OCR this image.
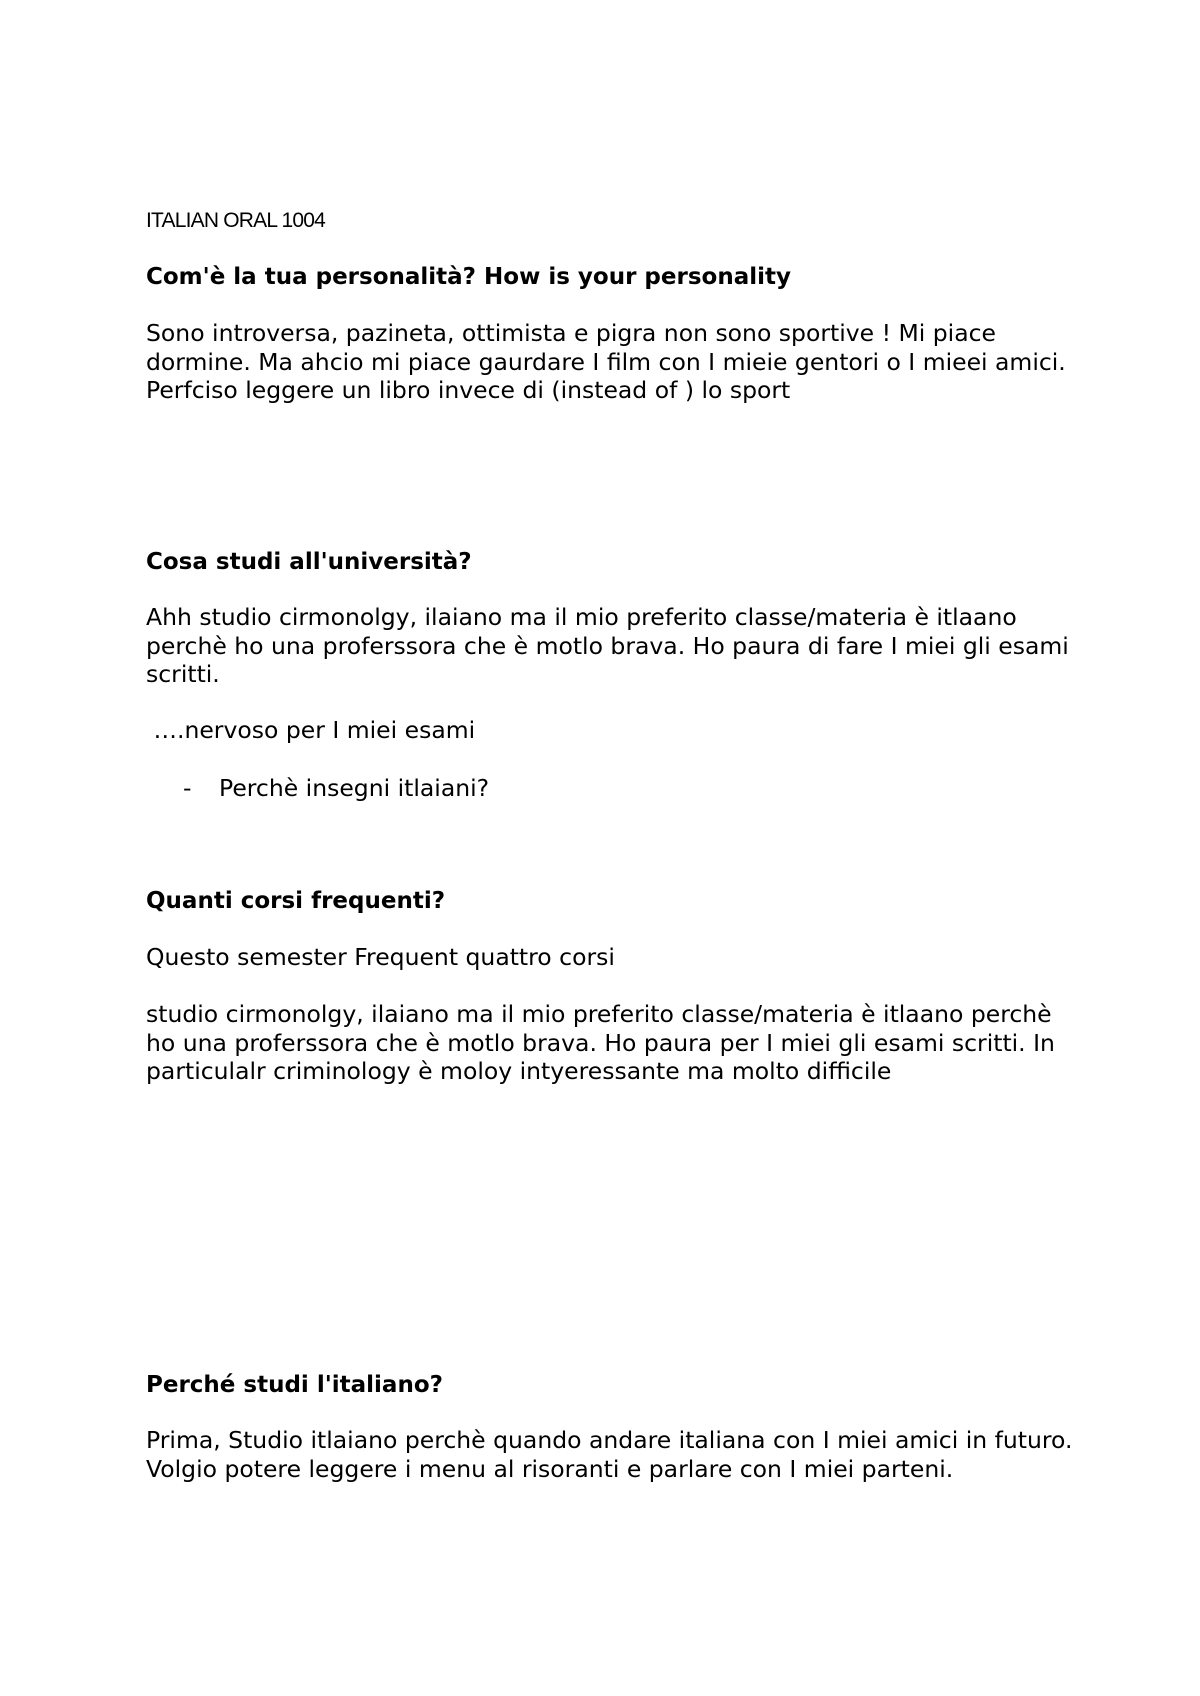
ITALIAN ORAL 1004

Com'è la tua personalità? How is your personality

Sono introversa, pazineta, ottimista e pigra non sono sportive ! Mi piace dormine. Ma ahcio mi piace gaurdare I film con I mieie gentori o I mieei amici. Perfciso leggere un libro invece di (instead of ) lo sport

Cosa studi all'università?

Ahh studio cirmonolgy, ilaiano ma il mio preferito classe/materia è itlaano perchè ho una proferssora che è motlo brava. Ho paura di fare I miei gli esami scritti.

….nervoso per I miei esami

- Perchè insegni itlaiani?

Quanti corsi frequenti?

Questo semester Frequent quattro corsi

studio cirmonolgy, ilaiano ma il mio preferito classe/materia è itlaano perchè ho una proferssora che è motlo brava. Ho paura per I miei gli esami scritti. In particulalr criminology è moloy intyeressante ma molto difficile

Perché studi l'italiano?

Prima, Studio itlaiano perchè quando andare italiana con I miei amici in futuro. Volgio potere leggere i menu al risoranti e parlare con I miei parteni.
